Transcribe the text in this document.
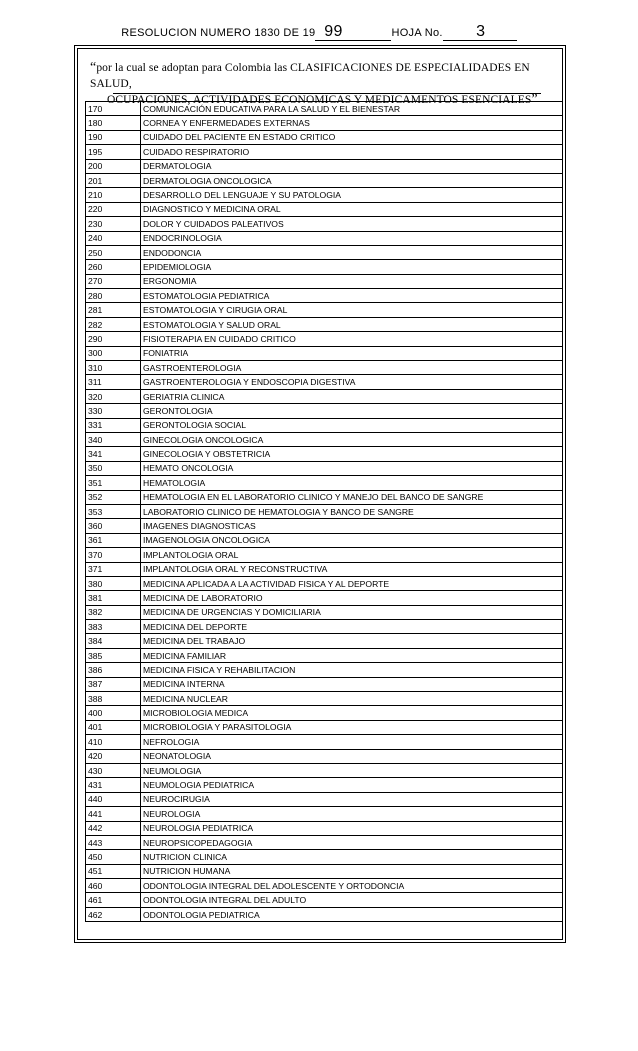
RESOLUCION NUMERO 1830 DE 19 99	HOJA No. 3
“por la cual se adoptan para Colombia las CLASIFICACIONES DE ESPECIALIDADES EN SALUD,
OCUPACIONES, ACTIVIDADES ECONOMICAS Y MEDICAMENTOS ESENCIALES”
170	COMUNICACIÓN EDUCATIVA PARA LA SALUD Y EL BIENESTAR
180	CORNEA Y ENFERMEDADES EXTERNAS
190	CUIDADO DEL PACIENTE EN ESTADO CRITICO
195	CUIDADO RESPIRATORIO
200	DERMATOLOGIA
201	DERMATOLOGIA ONCOLOGICA
210	DESARROLLO DEL LENGUAJE Y SU PATOLOGIA
220	DIAGNOSTICO Y MEDICINA ORAL
230	DOLOR Y CUIDADOS PALEATIVOS
240	ENDOCRINOLOGIA
250	ENDODONCIA
260	EPIDEMIOLOGIA
270	ERGONOMIA
280	ESTOMATOLOGIA PEDIATRICA
281	ESTOMATOLOGIA Y CIRUGIA ORAL
282	ESTOMATOLOGIA Y SALUD ORAL
290	FISIOTERAPIA EN CUIDADO CRITICO
300	FONIATRIA
310	GASTROENTEROLOGIA
311	GASTROENTEROLOGIA Y ENDOSCOPIA DIGESTIVA
320	GERIATRIA CLINICA
330	GERONTOLOGIA
331	GERONTOLOGIA SOCIAL
340	GINECOLOGIA ONCOLOGICA
341	GINECOLOGIA Y OBSTETRICIA
350	HEMATO ONCOLOGIA
351	HEMATOLOGIA
352	HEMATOLOGIA EN EL LABORATORIO CLINICO Y MANEJO DEL BANCO DE SANGRE
353	LABORATORIO CLINICO DE HEMATOLOGIA Y BANCO DE SANGRE
360	IMAGENES DIAGNOSTICAS
361	IMAGENOLOGIA ONCOLOGICA
370	IMPLANTOLOGIA ORAL
371	IMPLANTOLOGIA ORAL Y RECONSTRUCTIVA
380	MEDICINA APLICADA A LA ACTIVIDAD FISICA Y AL DEPORTE
381	MEDICINA DE LABORATORIO
382	MEDICINA DE URGENCIAS Y DOMICILIARIA
383	MEDICINA DEL DEPORTE
384	MEDICINA DEL TRABAJO
385	MEDICINA FAMILIAR
386	MEDICINA FISICA Y REHABILITACION
387	MEDICINA INTERNA
388	MEDICINA NUCLEAR
400	MICROBIOLOGIA MEDICA
401	MICROBIOLOGIA Y PARASITOLOGIA
410	NEFROLOGIA
420	NEONATOLOGIA
430	NEUMOLOGIA
431	NEUMOLOGIA PEDIATRICA
440	NEUROCIRUGIA
441	NEUROLOGIA
442	NEUROLOGIA PEDIATRICA
443	NEUROPSICOPEDAGOGIA
450	NUTRICION CLINICA
451	NUTRICION HUMANA
460	ODONTOLOGIA INTEGRAL DEL ADOLESCENTE Y ORTODONCIA
461	ODONTOLOGIA INTEGRAL DEL ADULTO
462	ODONTOLOGIA PEDIATRICA
